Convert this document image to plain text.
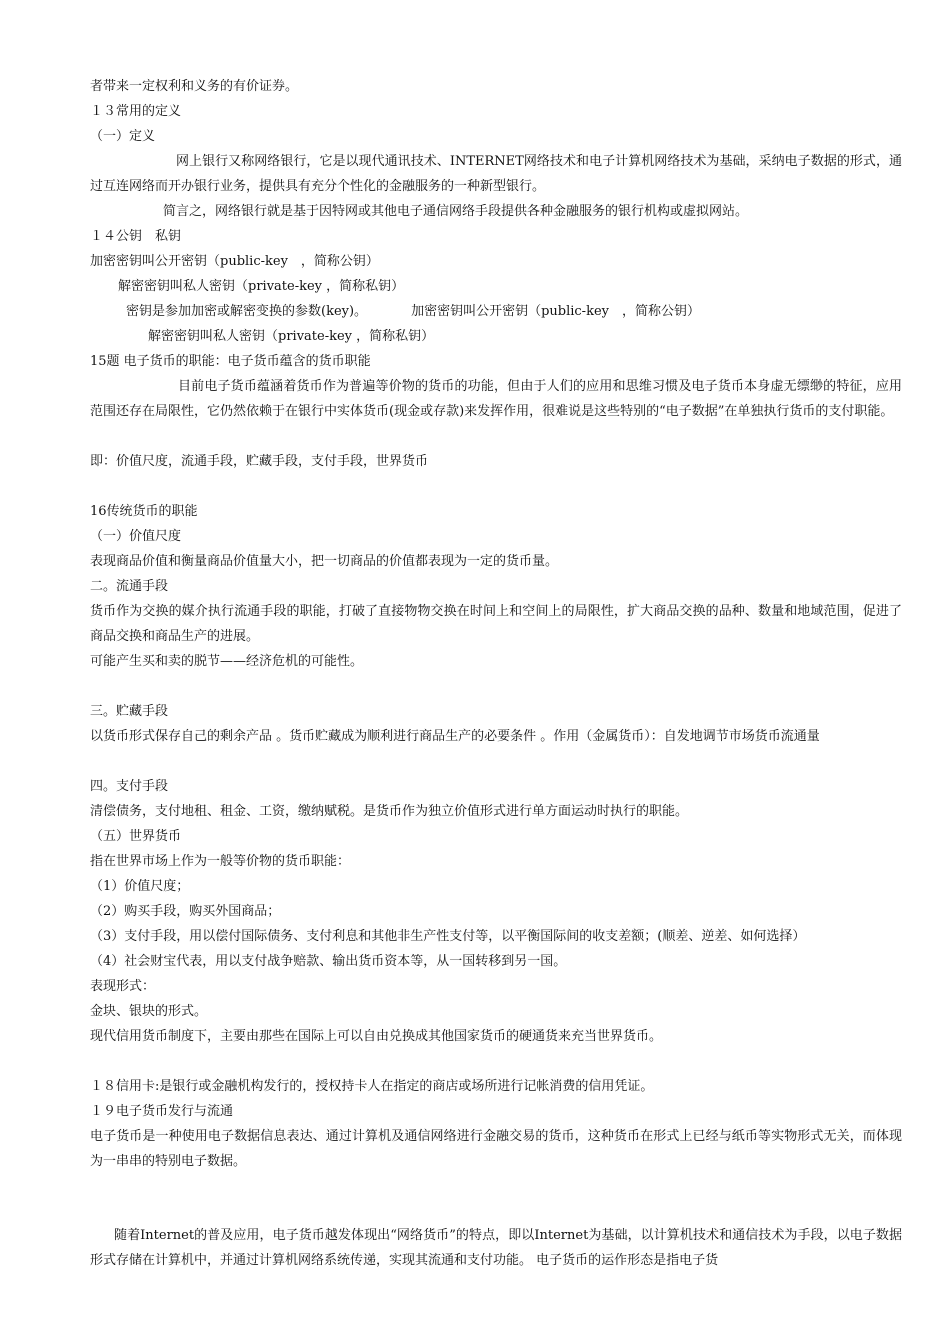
者带来一定权利和义务的有价证券。
１３常用的定义
（一）定义
网上银行又称网络银行，它是以现代通讯技术、INTERNET网络技术和电子计算机网络技术为基础，采纳电子数据的形式，通过互连网络而开办银行业务，提供具有充分个性化的金融服务的一种新型银行。
简言之，网络银行就是基于因特网或其他电子通信网络手段提供各种金融服务的银行机构或虚拟网站。
１４公钥　私钥
加密密钥叫公开密钥（public-key　，简称公钥）
解密密钥叫私人密钥（private-key ，简称私钥）
密钥是参加加密或解密变换的参数(key)。	加密密钥叫公开密钥（public-key　，简称公钥）
解密密钥叫私人密钥（private-key ，简称私钥）
15题 电子货币的职能：电子货币蕴含的货币职能
目前电子货币蕴涵着货币作为普遍等价物的货币的功能，但由于人们的应用和思维习惯及电子货币本身虚无缥缈的特征，应用范围还存在局限性，它仍然依赖于在银行中实体货币(现金或存款)来发挥作用，很难说是这些特别的“电子数据”在单独执行货币的支付职能。
即：价值尺度，流通手段，贮藏手段，支付手段，世界货币
16传统货币的职能
（一）价值尺度
表现商品价值和衡量商品价值量大小，把一切商品的价值都表现为一定的货币量。
二。流通手段
货币作为交换的媒介执行流通手段的职能，打破了直接物物交换在时间上和空间上的局限性，扩大商品交换的品种、数量和地域范围，促进了商品交换和商品生产的进展。
可能产生买和卖的脱节——经济危机的可能性。
三。贮藏手段
以货币形式保存自己的剩余产品 。货币贮藏成为顺利进行商品生产的必要条件 。作用（金属货币）：自发地调节市场货币流通量
四。支付手段
清偿债务，支付地租、租金、工资，缴纳赋税。是货币作为独立价值形式进行单方面运动时执行的职能。
（五）世界货币
指在世界市场上作为一般等价物的货币职能：
（1）价值尺度；
（2）购买手段，购买外国商品；
（3）支付手段，用以偿付国际债务、支付利息和其他非生产性支付等，以平衡国际间的收支差额；(顺差、逆差、如何选择）
（4）社会财宝代表，用以支付战争赔款、输出货币资本等，从一国转移到另一国。
表现形式：
金块、银块的形式。
现代信用货币制度下，主要由那些在国际上可以自由兑换成其他国家货币的硬通货来充当世界货币。
１８信用卡:是银行或金融机构发行的，授权持卡人在指定的商店或场所进行记帐消费的信用凭证。
１９电子货币发行与流通
电子货币是一种使用电子数据信息表达、通过计算机及通信网络进行金融交易的货币，这种货币在形式上已经与纸币等实物形式无关，而体现为一串串的特别电子数据。
随着Internet的普及应用，电子货币越发体现出“网络货币”的特点，即以Internet为基础，以计算机技术和通信技术为手段，以电子数据形式存储在计算机中，并通过计算机网络系统传递，实现其流通和支付功能。 电子货币的运作形态是指电子货
